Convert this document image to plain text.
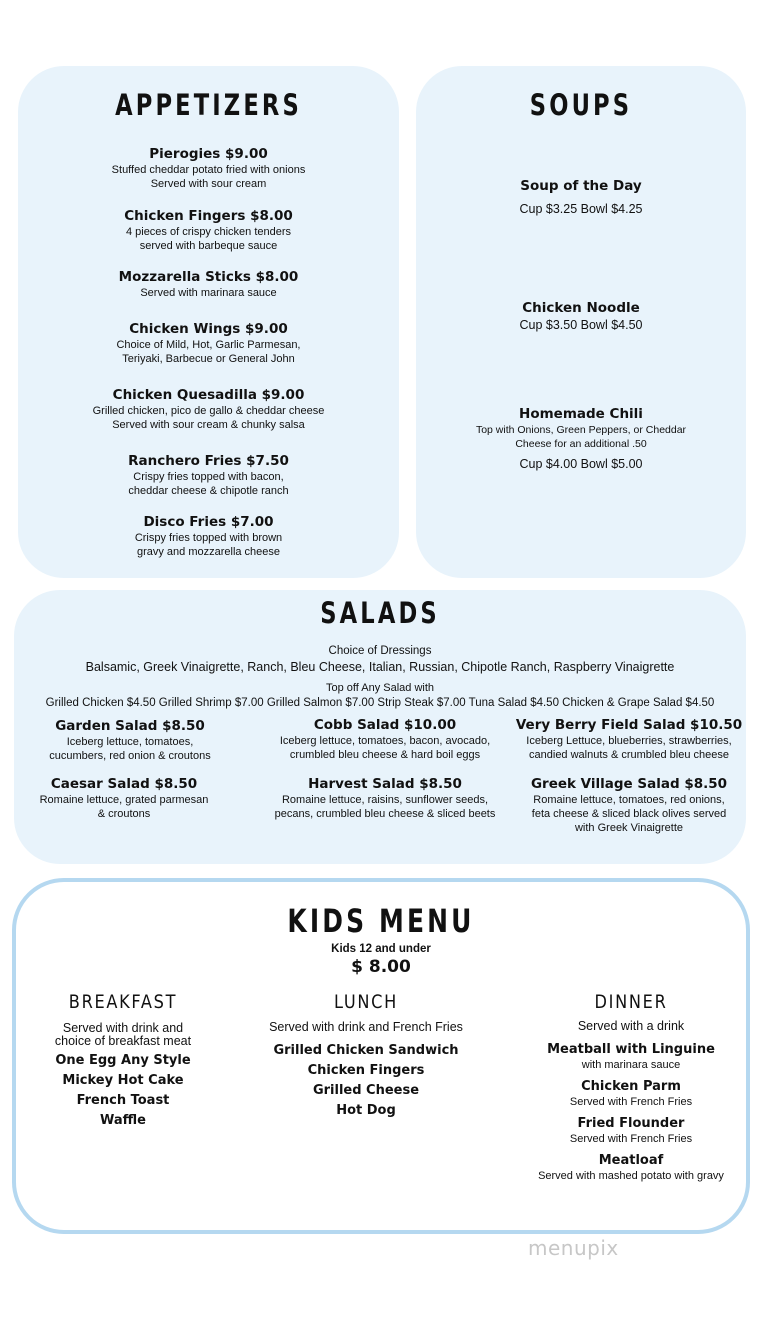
APPETIZERS
Pierogies $9.00
Stuffed cheddar potato fried with onions
Served with sour cream
Chicken Fingers $8.00
4 pieces of crispy chicken tenders
served with barbeque sauce
Mozzarella Sticks $8.00
Served with marinara sauce
Chicken Wings $9.00
Choice of Mild, Hot, Garlic Parmesan,
Teriyaki, Barbecue or General John
Chicken Quesadilla $9.00
Grilled chicken, pico de gallo & cheddar cheese
Served with sour cream & chunky salsa
Ranchero Fries $7.50
Crispy fries topped with bacon,
cheddar cheese & chipotle ranch
Disco Fries $7.00
Crispy fries topped with brown
gravy and mozzarella cheese
SOUPS
Soup of the Day
Cup $3.25 Bowl $4.25
Chicken Noodle
Cup $3.50 Bowl $4.50
Homemade Chili
Top with Onions, Green Peppers, or Cheddar
Cheese for an additional .50
Cup $4.00 Bowl $5.00
SALADS
Choice of Dressings
Balsamic, Greek Vinaigrette, Ranch, Bleu Cheese, Italian, Russian, Chipotle Ranch, Raspberry Vinaigrette
Top off Any Salad with
Grilled Chicken $4.50 Grilled Shrimp $7.00 Grilled Salmon $7.00 Strip Steak $7.00 Tuna Salad $4.50 Chicken & Grape Salad $4.50
Garden Salad $8.50
Iceberg lettuce, tomatoes,
cucumbers, red onion & croutons
Cobb Salad $10.00
Iceberg lettuce, tomatoes, bacon, avocado,
crumbled bleu cheese & hard boil eggs
Very Berry Field Salad $10.50
Iceberg Lettuce, blueberries, strawberries,
candied walnuts & crumbled bleu cheese
Caesar Salad $8.50
Romaine lettuce, grated parmesan
& croutons
Harvest Salad $8.50
Romaine lettuce, raisins, sunflower seeds,
pecans, crumbled bleu cheese & sliced beets
Greek Village Salad $8.50
Romaine lettuce, tomatoes, red onions,
feta cheese & sliced black olives served
with Greek Vinaigrette
KIDS MENU
Kids 12 and under
$ 8.00
BREAKFAST
Served with drink and
choice of breakfast meat
One Egg Any Style
Mickey Hot Cake
French Toast
Waffle
LUNCH
Served with drink and French Fries
Grilled Chicken Sandwich
Chicken Fingers
Grilled Cheese
Hot Dog
DINNER
Served with a drink
Meatball with Linguine
with marinara sauce
Chicken Parm
Served with French Fries
Fried Flounder
Served with French Fries
Meatloaf
Served with mashed potato with gravy
menupix
